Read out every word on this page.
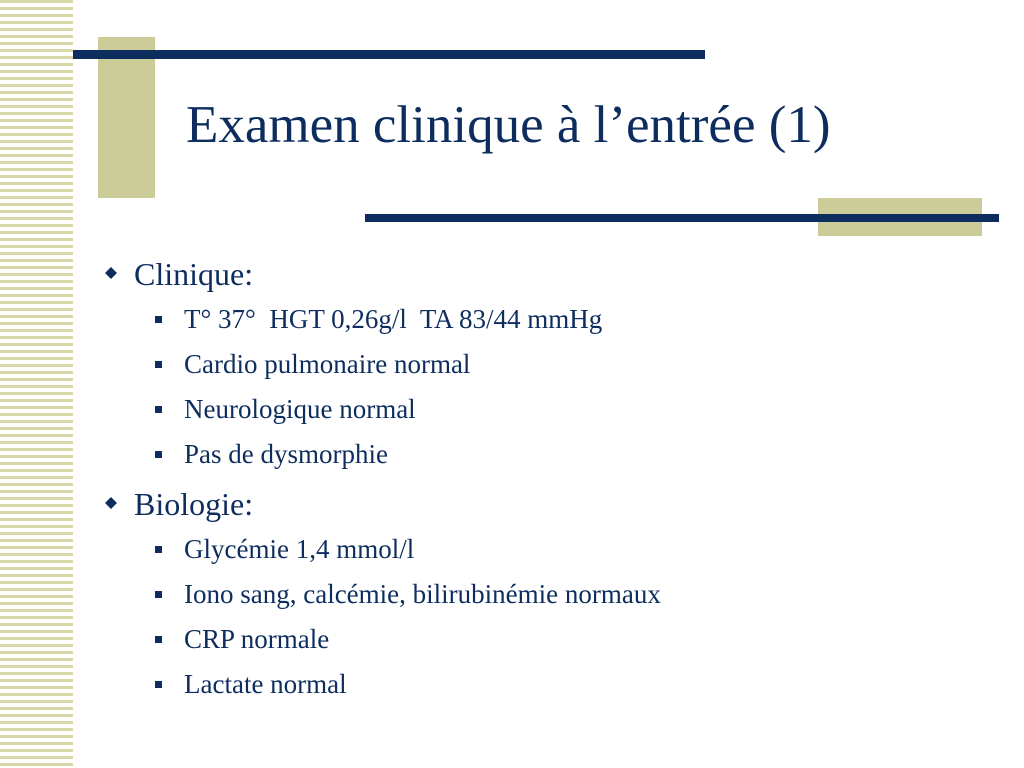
Examen clinique à l’entrée (1)
Clinique:
T° 37°  HGT 0,26g/l  TA 83/44 mmHg
Cardio pulmonaire normal
Neurologique normal
Pas de dysmorphie
Biologie:
Glycémie 1,4 mmol/l
Iono sang, calcémie, bilirubinémie normaux
CRP normale
Lactate normal
